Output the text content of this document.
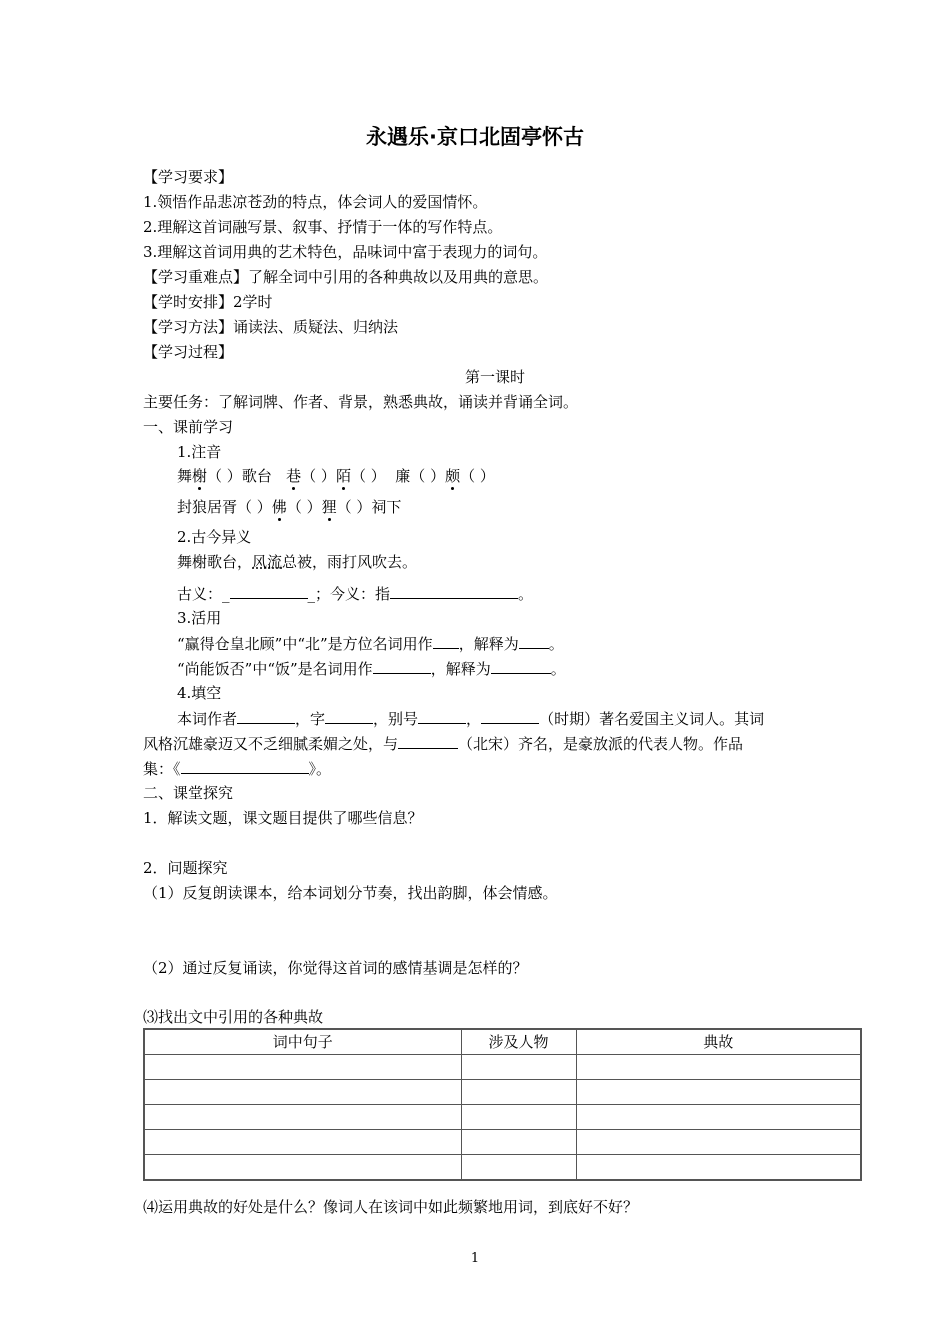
永遇乐·京口北固亭怀古
【学习要求】
1.领悟作品悲凉苍劲的特点，体会词人的爱国情怀。
2.理解这首词融写景、叙事、抒情于一体的写作特点。
3.理解这首词用典的艺术特色，品味词中富于表现力的词句。
【学习重难点】了解全词中引用的各种典故以及用典的意思。
【学时安排】2学时
【学习方法】诵读法、质疑法、归纳法
【学习过程】
第一课时
主要任务：了解词牌、作者、背景，熟悉典故，诵读并背诵全词。
一、课前学习
1.注音
舞榭（ ）歌台 巷（ ）陌（ ） 廉（ ）颇（ ）
封狼居胥（ ）佛（ ）狸（ ）祠下
2.古今异义
舞榭歌台，风流总被，雨打风吹去。
古义：_	_；今义：指	。
3.活用
“赢得仓皇北顾”中“北”是方位名词用作 ，解释为 。
“尚能饭否”中“饭”是名词用作	，解释为	。
4.填空
本词作者	，字	，别号	，	（时期）著名爱国主义词人。其词
风格沉雄豪迈又不乏细腻柔媚之处，与	（北宋）齐名，是豪放派的代表人物。作品
集：《	》。
二、课堂探究
1．解读文题，课文题目提供了哪些信息？
2．问题探究
（1）反复朗读课本，给本词划分节奏，找出韵脚，体会情感。
（2）通过反复诵读，你觉得这首词的感情基调是怎样的？
⑶找出文中引用的各种典故
词中句子	涉及人物	典故

⑷运用典故的好处是什么？像词人在该词中如此频繁地用词，到底好不好？
1
